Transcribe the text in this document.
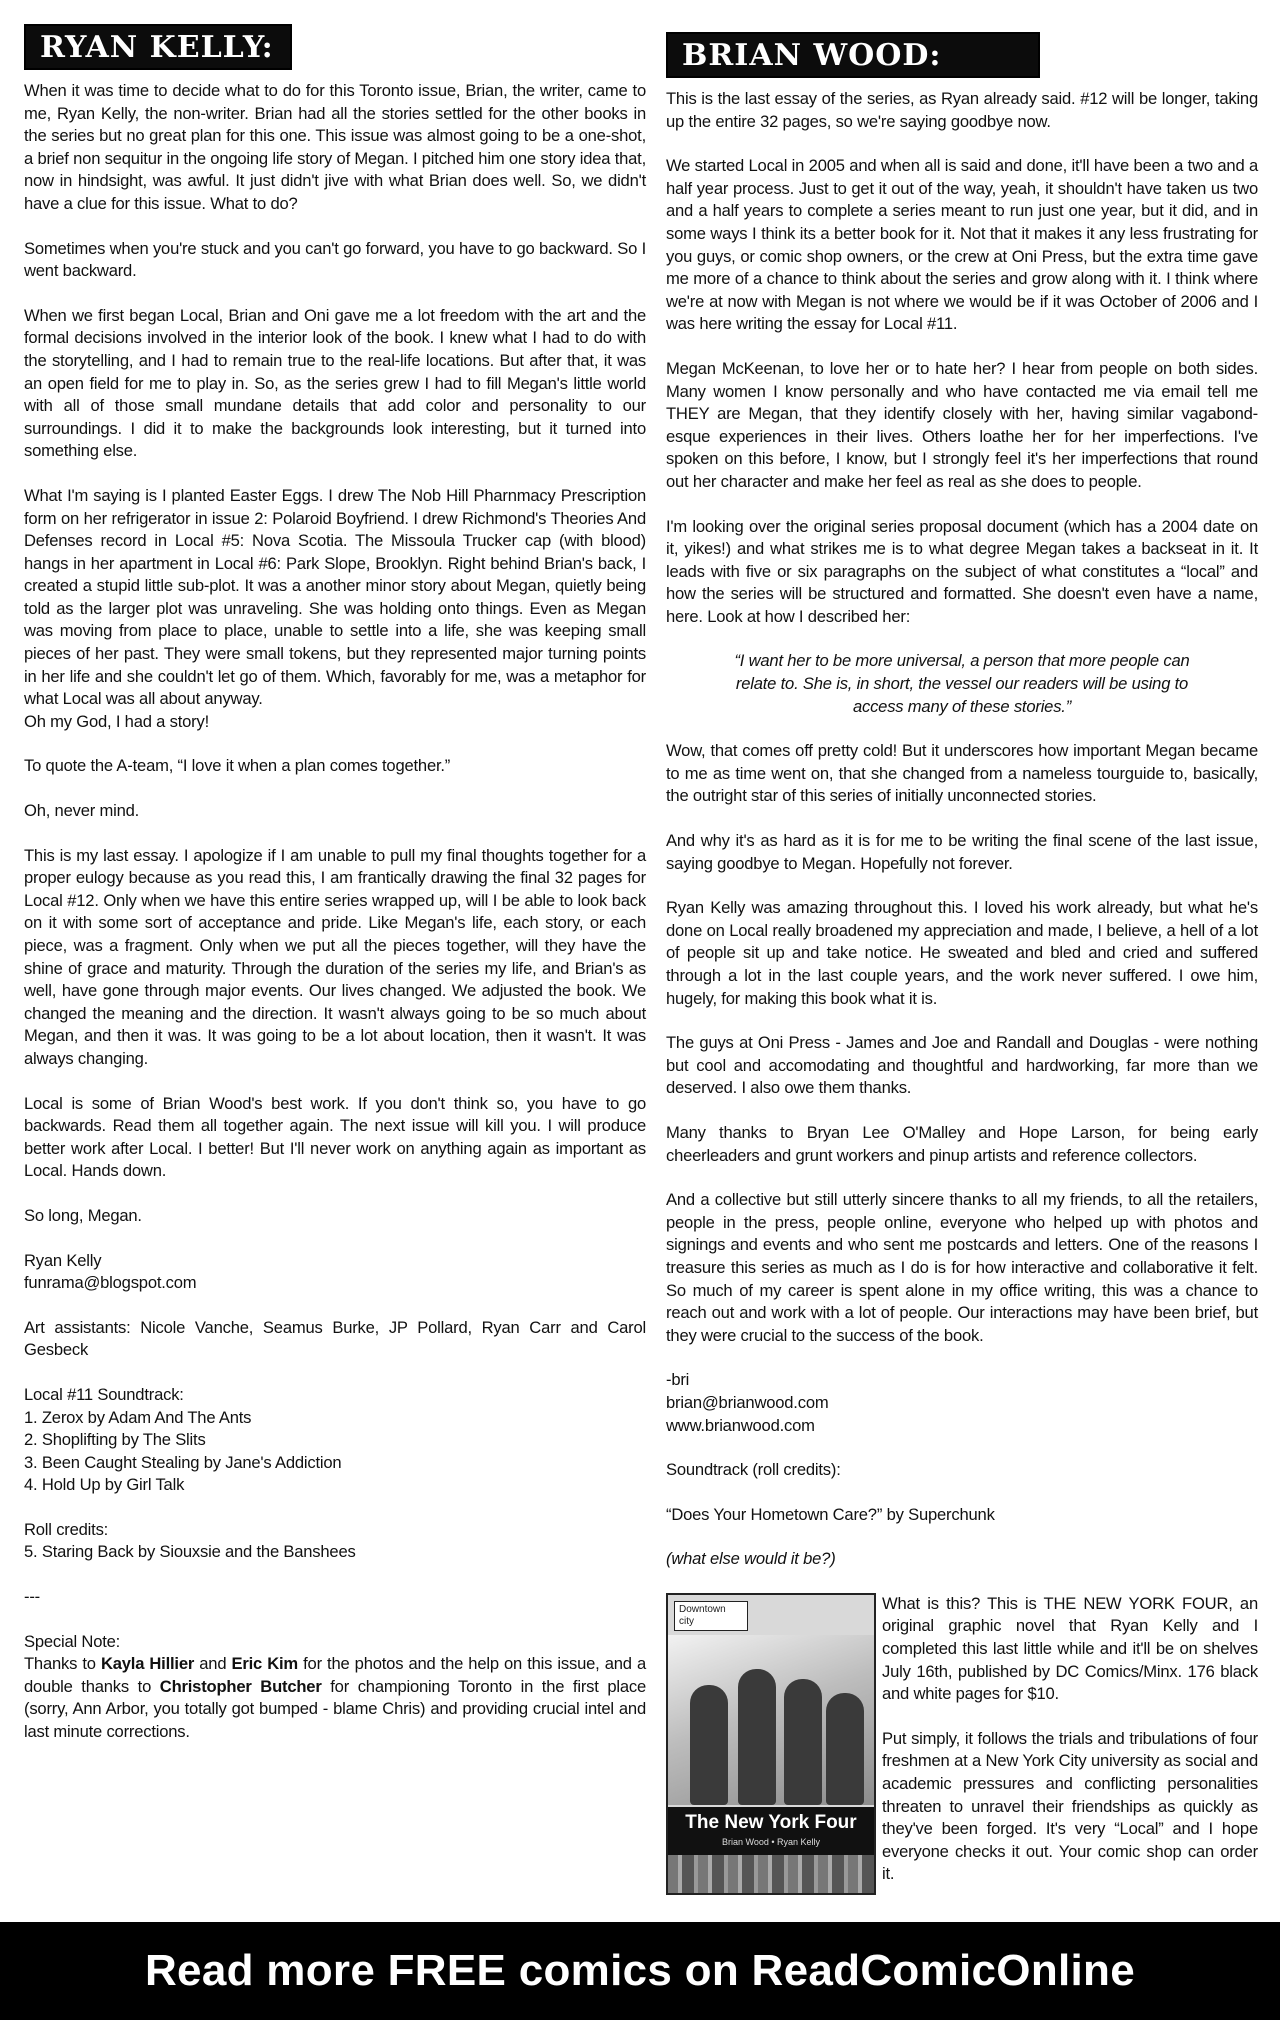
RYAN KELLY:

When it was time to decide what to do for this Toronto issue, Brian, the writer, came to me, Ryan Kelly, the non-writer. Brian had all the stories settled for the other books in the series but no great plan for this one. This issue was almost going to be a one-shot, a brief non sequitur in the ongoing life story of Megan. I pitched him one story idea that, now in hindsight, was awful. It just didn't jive with what Brian does well. So, we didn't have a clue for this issue. What to do?

Sometimes when you're stuck and you can't go forward, you have to go backward. So I went backward.

When we first began Local, Brian and Oni gave me a lot freedom with the art and the formal decisions involved in the interior look of the book. I knew what I had to do with the storytelling, and I had to remain true to the real-life locations. But after that, it was an open field for me to play in. So, as the series grew I had to fill Megan's little world with all of those small mundane details that add color and personality to our surroundings. I did it to make the backgrounds look interesting, but it turned into something else.

What I'm saying is I planted Easter Eggs. I drew The Nob Hill Pharnmacy Prescription form on her refrigerator in issue 2: Polaroid Boyfriend. I drew Richmond's Theories And Defenses record in Local #5: Nova Scotia. The Missoula Trucker cap (with blood) hangs in her apartment in Local #6: Park Slope, Brooklyn. Right behind Brian's back, I created a stupid little sub-plot. It was a another minor story about Megan, quietly being told as the larger plot was unraveling. She was holding onto things. Even as Megan was moving from place to place, unable to settle into a life, she was keeping small pieces of her past. They were small tokens, but they represented major turning points in her life and she couldn't let go of them. Which, favorably for me, was a metaphor for what Local was all about anyway.

Oh my God, I had a story!

To quote the A-team, “I love it when a plan comes together.”

Oh, never mind.

This is my last essay. I apologize if I am unable to pull my final thoughts together for a proper eulogy because as you read this, I am frantically drawing the final 32 pages for Local #12. Only when we have this entire series wrapped up, will I be able to look back on it with some sort of acceptance and pride. Like Megan's life, each story, or each piece, was a fragment. Only when we put all the pieces together, will they have the shine of grace and maturity. Through the duration of the series my life, and Brian's as well, have gone through major events. Our lives changed. We adjusted the book. We changed the meaning and the direction. It wasn't always going to be so much about Megan, and then it was. It was going to be a lot about location, then it wasn't. It was always changing.

Local is some of Brian Wood's best work. If you don't think so, you have to go backwards. Read them all together again. The next issue will kill you. I will produce better work after Local. I better! But I'll never work on anything again as important as Local. Hands down.

So long, Megan.

Ryan Kelly
funrama@blogspot.com

Art assistants: Nicole Vanche, Seamus Burke, JP Pollard, Ryan Carr and Carol Gesbeck

Local #11 Soundtrack:
1. Zerox by Adam And The Ants
2. Shoplifting by The Slits
3. Been Caught Stealing by Jane's Addiction
4. Hold Up by Girl Talk

Roll credits:
5. Staring Back by Siouxsie and the Banshees

---

Special Note:
Thanks to Kayla Hillier and Eric Kim for the photos and the help on this issue, and a double thanks to Christopher Butcher for championing Toronto in the first place (sorry, Ann Arbor, you totally got bumped - blame Chris) and providing crucial intel and last minute corrections.

BRIAN WOOD:

This is the last essay of the series, as Ryan already said. #12 will be longer, taking up the entire 32 pages, so we're saying goodbye now.

We started Local in 2005 and when all is said and done, it'll have been a two and a half year process. Just to get it out of the way, yeah, it shouldn't have taken us two and a half years to complete a series meant to run just one year, but it did, and in some ways I think its a better book for it. Not that it makes it any less frustrating for you guys, or comic shop owners, or the crew at Oni Press, but the extra time gave me more of a chance to think about the series and grow along with it. I think where we're at now with Megan is not where we would be if it was October of 2006 and I was here writing the essay for Local #11.

Megan McKeenan, to love her or to hate her? I hear from people on both sides. Many women I know personally and who have contacted me via email tell me THEY are Megan, that they identify closely with her, having similar vagabond-esque experiences in their lives. Others loathe her for her imperfections. I've spoken on this before, I know, but I strongly feel it's her imperfections that round out her character and make her feel as real as she does to people.

I'm looking over the original series proposal document (which has a 2004 date on it, yikes!) and what strikes me is to what degree Megan takes a backseat in it. It leads with five or six paragraphs on the subject of what constitutes a “local” and how the series will be structured and formatted. She doesn't even have a name, here. Look at how I described her:

“I want her to be more universal, a person that more people can relate to. She is, in short, the vessel our readers will be using to access many of these stories.”

Wow, that comes off pretty cold! But it underscores how important Megan became to me as time went on, that she changed from a nameless tourguide to, basically, the outright star of this series of initially unconnected stories.

And why it's as hard as it is for me to be writing the final scene of the last issue, saying goodbye to Megan. Hopefully not forever.

Ryan Kelly was amazing throughout this. I loved his work already, but what he's done on Local really broadened my appreciation and made, I believe, a hell of a lot of people sit up and take notice. He sweated and bled and cried and suffered through a lot in the last couple years, and the work never suffered. I owe him, hugely, for making this book what it is.

The guys at Oni Press - James and Joe and Randall and Douglas - were nothing but cool and accomodating and thoughtful and hardworking, far more than we deserved. I also owe them thanks.

Many thanks to Bryan Lee O'Malley and Hope Larson, for being early cheerleaders and grunt workers and pinup artists and reference collectors.

And a collective but still utterly sincere thanks to all my friends, to all the retailers, people in the press, people online, everyone who helped up with photos and signings and events and who sent me postcards and letters. One of the reasons I treasure this series as much as I do is for how interactive and collaborative it felt. So much of my career is spent alone in my office writing, this was a chance to reach out and work with a lot of people. Our interactions may have been brief, but they were crucial to the success of the book.

-bri
brian@brianwood.com
www.brianwood.com

Soundtrack (roll credits):

“Does Your Hometown Care?” by Superchunk

(what else would it be?)

Downtown city
The New York Four
Brian Wood • Ryan Kelly

What is this? This is THE NEW YORK FOUR, an original graphic novel that Ryan Kelly and I completed this last little while and it'll be on shelves July 16th, published by DC Comics/Minx. 176 black and white pages for $10.

Put simply, it follows the trials and tribulations of four freshmen at a New York City university as social and academic pressures and conflicting personalities threaten to unravel their friendships as quickly as they've been forged. It's very “Local” and I hope everyone checks it out. Your comic shop can order it.

Read more FREE comics on ReadComicOnline
